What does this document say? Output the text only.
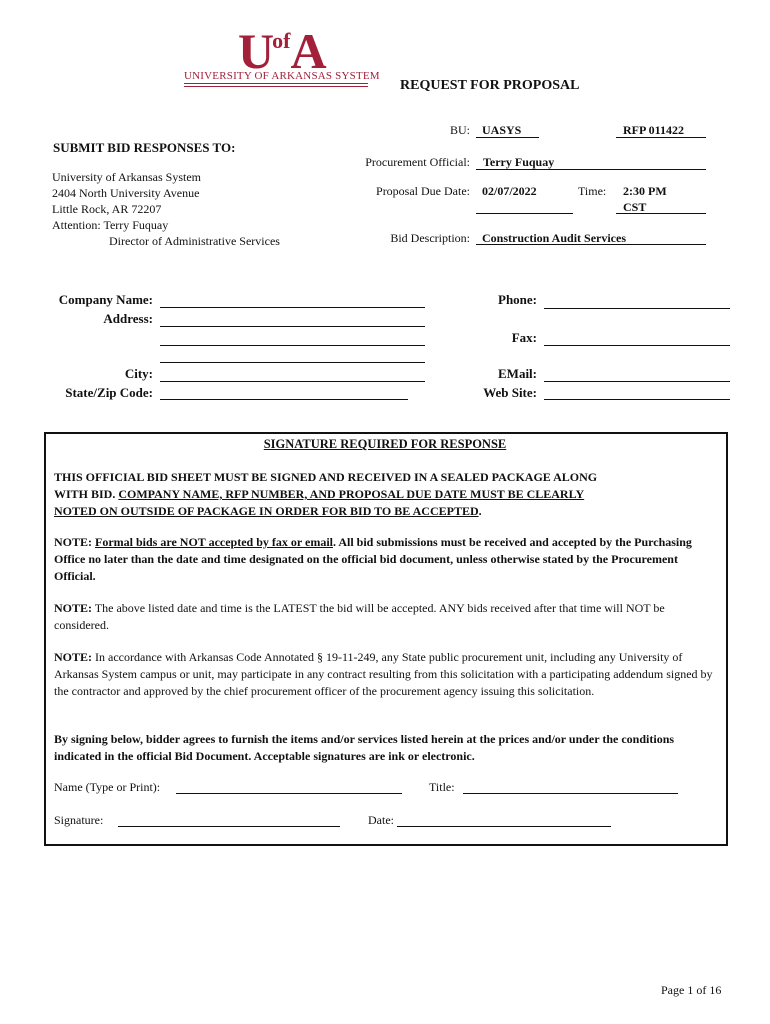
$U^{of}A$
UNIVERSITY OF ARKANSAS SYSTEM
REQUEST FOR PROPOSAL
SUBMIT BID RESPONSES TO:
University of Arkansas System
2404 North University Avenue
Little Rock, AR 72207
Attention: Terry Fuquay
Director of Administrative Services
BU: UASYS	RFP 011422
Procurement Official: Terry Fuquay
Proposal Due Date: 02/07/2022	Time: 2:30 PM
CST
Bid Description: Construction Audit Services
Company Name:
Address:
City:
State/Zip Code:
Phone:
Fax:
EMail:
Web Site:
SIGNATURE REQUIRED FOR RESPONSE
THIS OFFICIAL BID SHEET MUST BE SIGNED AND RECEIVED IN A SEALED PACKAGE ALONG
WITH BID. COMPANY NAME, RFP NUMBER, AND PROPOSAL DUE DATE MUST BE CLEARLY
NOTED ON OUTSIDE OF PACKAGE IN ORDER FOR BID TO BE ACCEPTED.
NOTE: Formal bids are NOT accepted by fax or email. All bid submissions must be received and accepted by the Purchasing Office no later than the date and time designated on the official bid document, unless otherwise stated by the Procurement Official.
NOTE: The above listed date and time is the LATEST the bid will be accepted. ANY bids received after that time will NOT be considered.
NOTE: In accordance with Arkansas Code Annotated § 19-11-249, any State public procurement unit, including any University of Arkansas System campus or unit, may participate in any contract resulting from this solicitation with a participating addendum signed by the contractor and approved by the chief procurement officer of the procurement agency issuing this solicitation.
By signing below, bidder agrees to furnish the items and/or services listed herein at the prices and/or under the conditions indicated in the official Bid Document. Acceptable signatures are ink or electronic.
Name (Type or Print):	Title:
Signature:	Date:
Page 1 of 16
